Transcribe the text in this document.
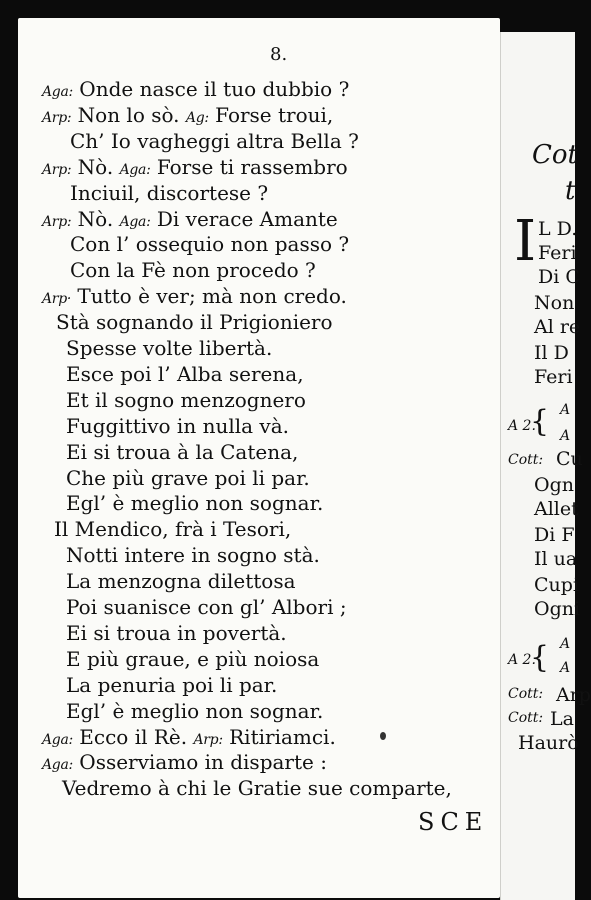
8.
Aga: Onde nasce il tuo dubbio ?
Arp: Non lo sò. Ag: Forse troui,
Ch’ Io vagheggi altra Bella ?
Arp: Nò. Aga: Forse ti rassembro
Inciuil, discortese ?
Arp: Nò. Aga: Di verace Amante
Con l’ ossequio non passo ?
Con la Fè non procedo ?
Arp· Tutto è ver; mà non credo.
Stà sognando il Prigioniero
Spesse volte libertà.
Esce poi l’ Alba serena,
Et il sogno menzognero
Fuggittivo in nulla và.
Ei si troua à la Catena,
Che più grave poi li par.
Egl’ è meglio non sognar.
Il Mendico, frà i Tesori,
Notti intere in sogno stà.
La menzogna dilettosa
Poi suanisce con gl’ Albori ;
Ei si troua in povertà.
E più graue, e più noiosa
La penuria poi li par.
Egl’ è meglio non sognar.
Aga: Ecco il Rè. Arp: Ritiriamci.
Aga: Osserviamo in disparte :
Vedremo à chi le Gratie sue comparte,
SCE
Cot
t
I L D.
Feri
Di C
Non
Al re
Il D
Feri
Cu
Ogn
Allet
Di F
Il ua
Cupi
Ogni
Arp
La
Haurò
A 2.
Cott:
A 2.
Cott:
Cott:
{
{
A
A
A
A
